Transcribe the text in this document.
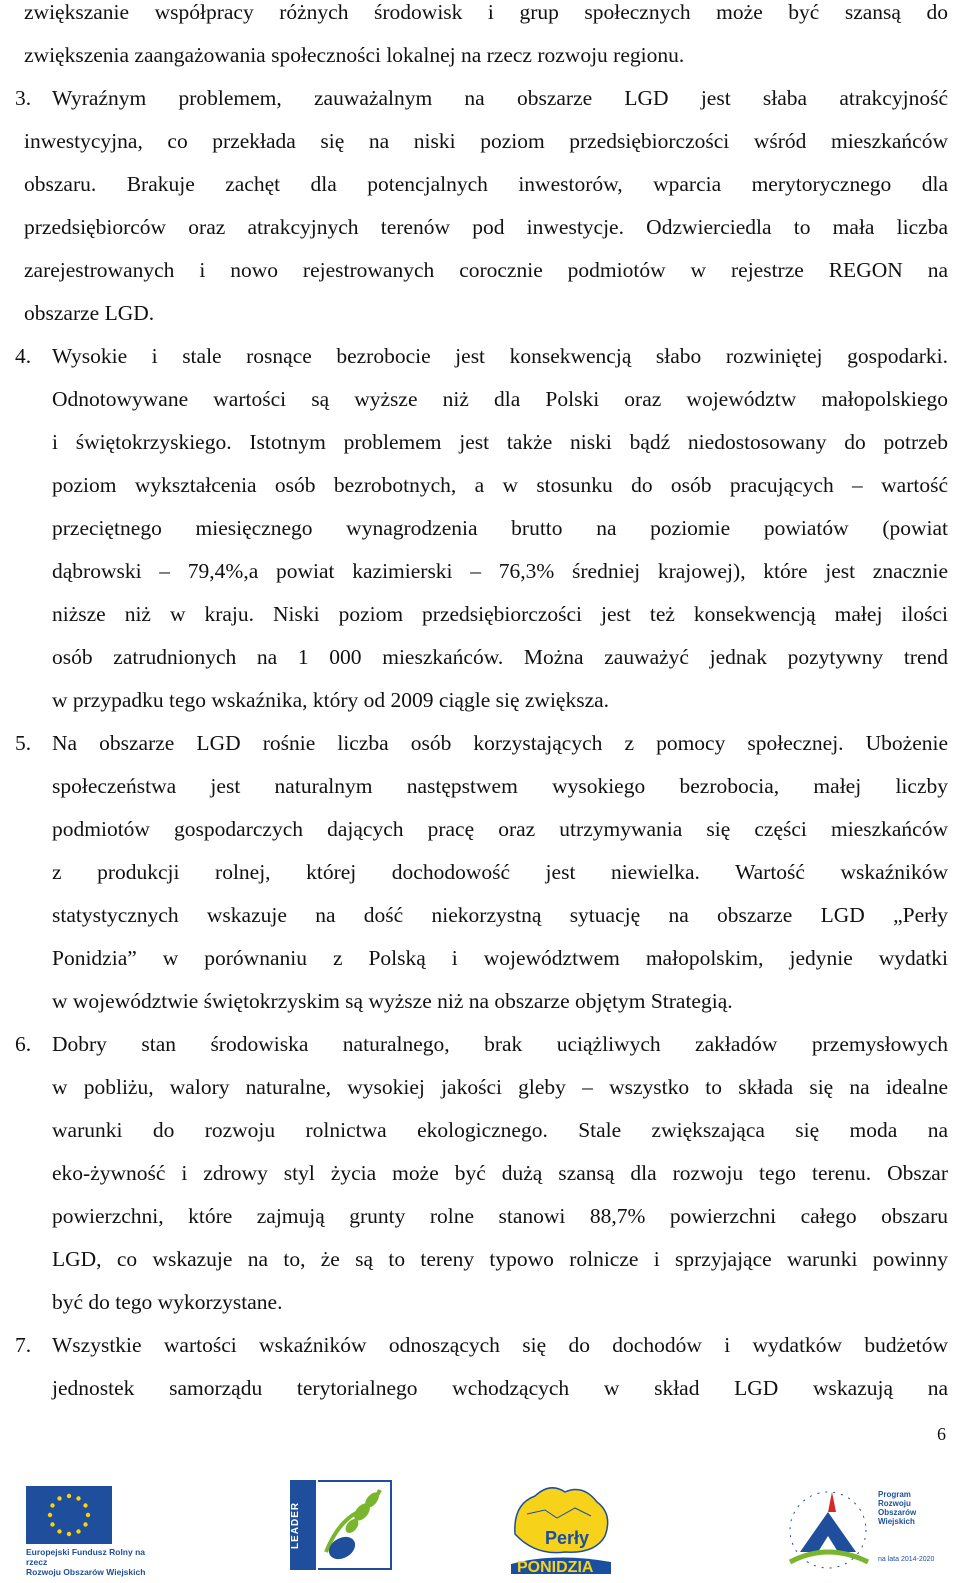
zwiększanie współpracy różnych środowisk i grup społecznych może być szansą do
zwiększenia zaangażowania społeczności lokalnej na rzecz rozwoju regionu.
3. Wyraźnym problemem, zauważalnym na obszarze LGD jest słaba atrakcyjność
inwestycyjna, co przekłada się na niski poziom przedsiębiorczości wśród mieszkańców
obszaru. Brakuje zachęt dla potencjalnych inwestorów, wparcia merytorycznego dla
przedsiębiorców oraz atrakcyjnych terenów pod inwestycje. Odzwierciedla to mała liczba
zarejestrowanych i nowo rejestrowanych corocznie podmiotów w rejestrze REGON na
obszarze LGD.
4. Wysokie i stale rosnące bezrobocie jest konsekwencją słabo rozwiniętej gospodarki.
Odnotowywane wartości są wyższe niż dla Polski oraz województw małopolskiego
i świętokrzyskiego. Istotnym problemem jest także niski bądź niedostosowany do potrzeb
poziom wykształcenia osób bezrobotnych, a w stosunku do osób pracujących – wartość
przeciętnego miesięcznego wynagrodzenia brutto na poziomie powiatów (powiat
dąbrowski – 79,4%,a powiat kazimierski – 76,3% średniej krajowej), które jest znacznie
niższe niż w kraju. Niski poziom przedsiębiorczości jest też konsekwencją małej ilości
osób zatrudnionych na 1 000 mieszkańców. Można zauważyć jednak pozytywny trend
w przypadku tego wskaźnika, który od 2009 ciągle się zwiększa.
5. Na obszarze LGD rośnie liczba osób korzystających z pomocy społecznej. Ubożenie
społeczeństwa jest naturalnym następstwem wysokiego bezrobocia, małej liczby
podmiotów gospodarczych dających pracę oraz utrzymywania się części mieszkańców
z produkcji rolnej, której dochodowość jest niewielka. Wartość wskaźników
statystycznych wskazuje na dość niekorzystną sytuację na obszarze LGD „Perły
Ponidzia” w porównaniu z Polską i województwem małopolskim, jedynie wydatki
w województwie świętokrzyskim są wyższe niż na obszarze objętym Strategią.
6. Dobry stan środowiska naturalnego, brak uciążliwych zakładów przemysłowych
w pobliżu, walory naturalne, wysokiej jakości gleby – wszystko to składa się na idealne
warunki do rozwoju rolnictwa ekologicznego. Stale zwiększająca się moda na
eko-żywność i zdrowy styl życia może być dużą szansą dla rozwoju tego terenu. Obszar
powierzchni, które zajmują grunty rolne stanowi 88,7% powierzchni całego obszaru
LGD, co wskazuje na to, że są to tereny typowo rolnicze i sprzyjające warunki powinny
być do tego wykorzystane.
7. Wszystkie wartości wskaźników odnoszących się do dochodów i wydatków budżetów
jednostek samorządu terytorialnego wchodzących w skład LGD wskazują na
6
Europejski Fundusz Rolny na rzecz
Rozwoju Obszarów Wiejskich
LEADER	Perły
PONIDZIA
Program
Rozwoju
Obszarów
Wiejskich
na lata 2014-2020
